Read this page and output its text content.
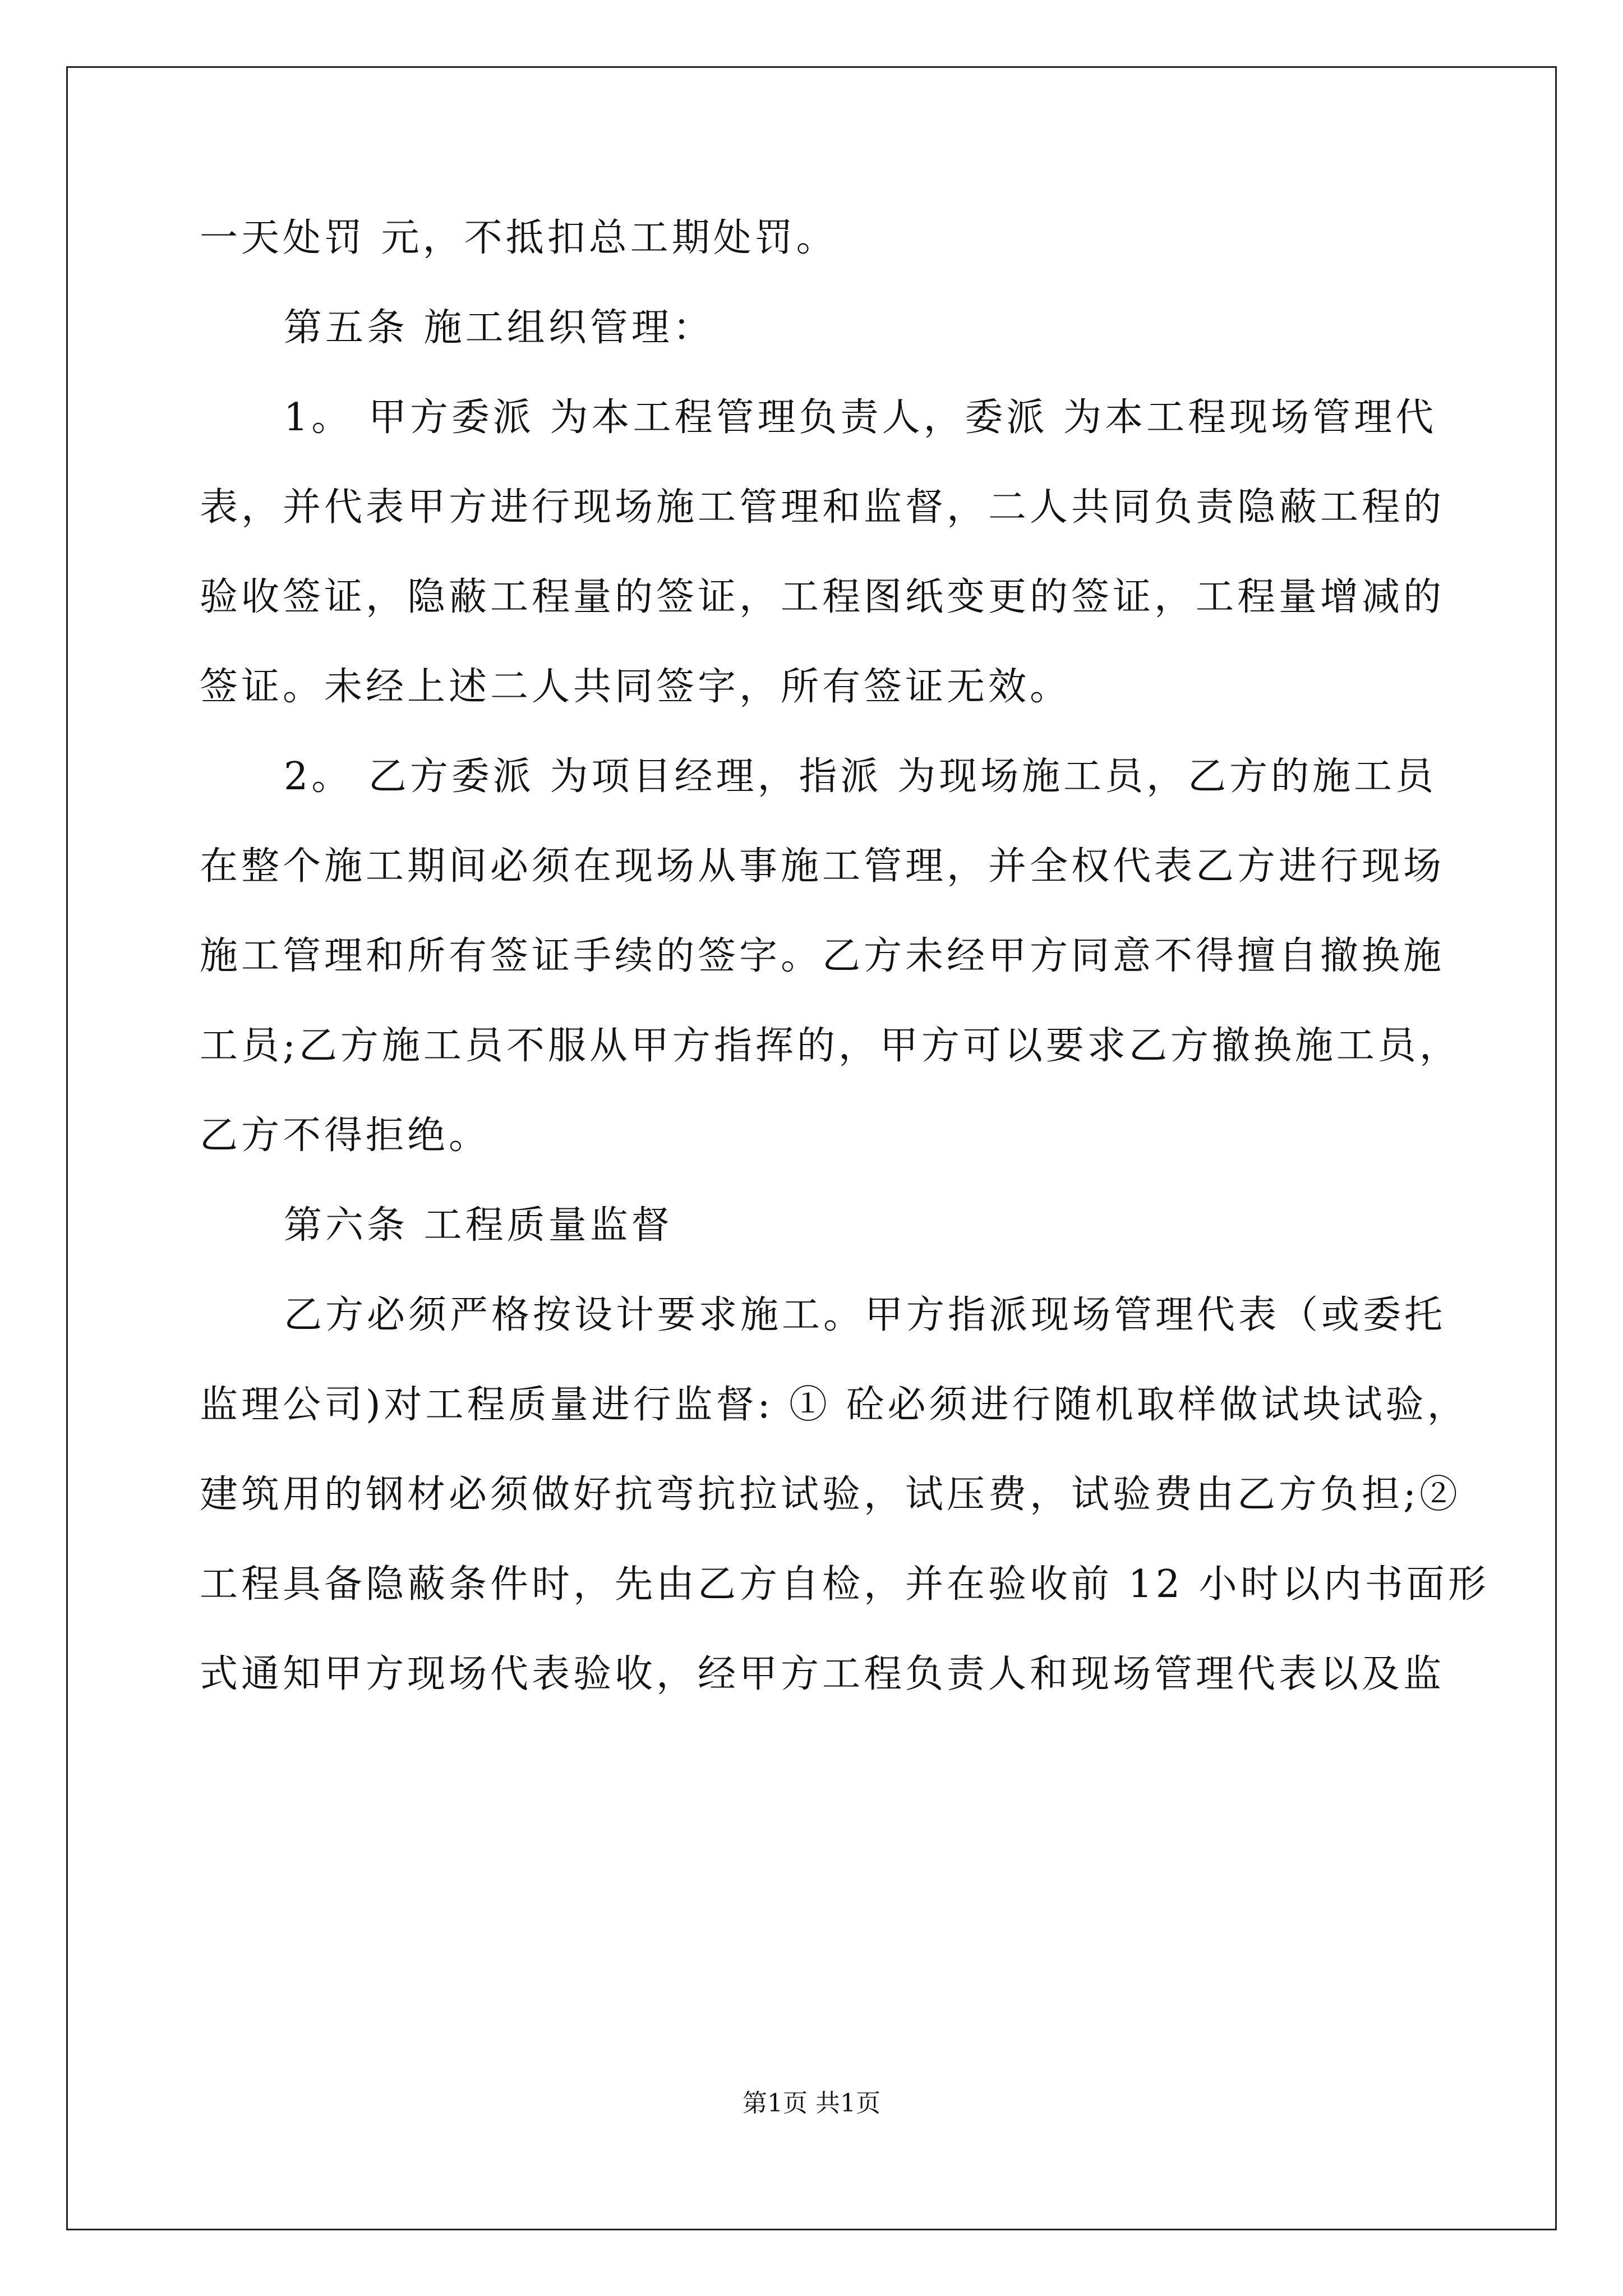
一天处罚 元，不抵扣总工期处罚。
第五条 施工组织管理：
1。 甲方委派 为本工程管理负责人，委派 为本工程现场管理代
表，并代表甲方进行现场施工管理和监督，二人共同负责隐蔽工程的
验收签证，隐蔽工程量的签证，工程图纸变更的签证，工程量增减的
签证。未经上述二人共同签字，所有签证无效。
2。 乙方委派 为项目经理，指派 为现场施工员，乙方的施工员
在整个施工期间必须在现场从事施工管理，并全权代表乙方进行现场
施工管理和所有签证手续的签字。乙方未经甲方同意不得擅自撤换施
工员;乙方施工员不服从甲方指挥的，甲方可以要求乙方撤换施工员，
乙方不得拒绝。
第六条 工程质量监督
乙方必须严格按设计要求施工。甲方指派现场管理代表（或委托
监理公司)对工程质量进行监督: ① 砼必须进行随机取样做试块试验，
建筑用的钢材必须做好抗弯抗拉试验，试压费，试验费由乙方负担;②
工程具备隐蔽条件时，先由乙方自检，并在验收前 12 小时以内书面形
式通知甲方现场代表验收，经甲方工程负责人和现场管理代表以及监
第1页 共1页
